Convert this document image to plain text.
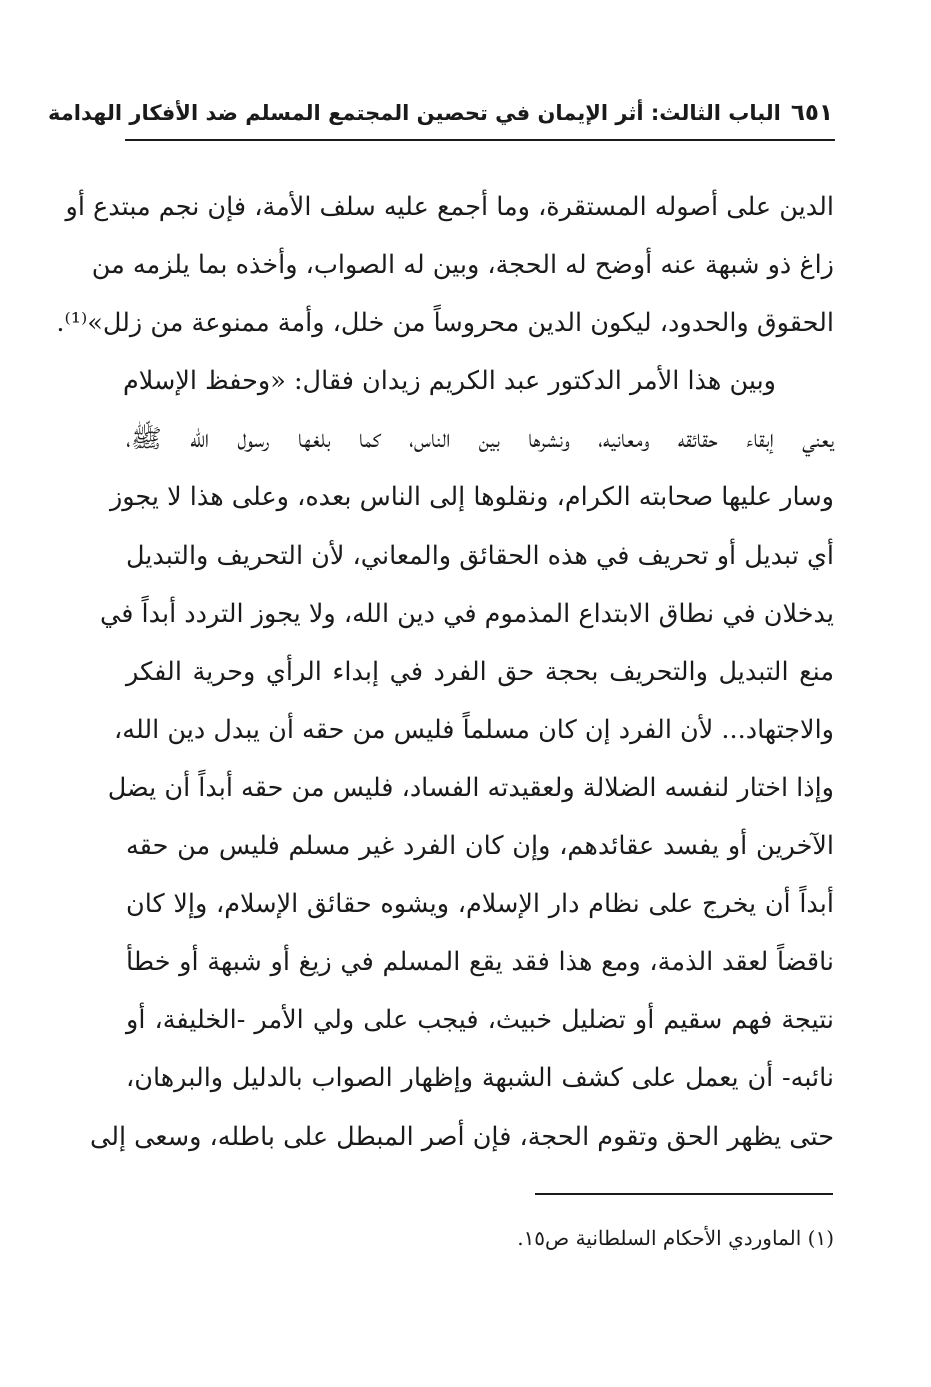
٦٥١
الباب الثالث: أثر الإيمان في تحصين المجتمع المسلم ضد الأفكار الهدامة
الدين على أصوله المستقرة، وما أجمع عليه سلف الأمة، فإن نجم مبتدع أو
زاغ ذو شبهة عنه أوضح له الحجة، وبين له الصواب، وأخذه بما يلزمه من
الحقوق والحدود، ليكون الدين محروساً من خلل، وأمة ممنوعة من زلل»⁽¹⁾.
وبين هذا الأمر الدكتور عبد الكريم زيدان فقال: «وحفظ الإسلام
يعني إبقاء حقائقه ومعانيه، ونشرها بين الناس، كما بلغها رسول الله ﷺ،
وسار عليها صحابته الكرام، ونقلوها إلى الناس بعده، وعلى هذا لا يجوز
أي تبديل أو تحريف في هذه الحقائق والمعاني، لأن التحريف والتبديل
يدخلان في نطاق الابتداع المذموم في دين الله، ولا يجوز التردد أبداً في
منع التبديل والتحريف بحجة حق الفرد في إبداء الرأي وحرية الفكر
والاجتهاد... لأن الفرد إن كان مسلماً فليس من حقه أن يبدل دين الله،
وإذا اختار لنفسه الضلالة ولعقيدته الفساد، فليس من حقه أبداً أن يضل
الآخرين أو يفسد عقائدهم، وإن كان الفرد غير مسلم فليس من حقه
أبداً أن يخرج على نظام دار الإسلام، ويشوه حقائق الإسلام، وإلا كان
ناقضاً لعقد الذمة، ومع هذا فقد يقع المسلم في زيغ أو شبهة أو خطأ
نتيجة فهم سقيم أو تضليل خبيث، فيجب على ولي الأمر -الخليفة، أو
نائبه- أن يعمل على كشف الشبهة وإظهار الصواب بالدليل والبرهان،
حتى يظهر الحق وتقوم الحجة، فإن أصر المبطل على باطله، وسعى إلى
(١) الماوردي الأحكام السلطانية ص١٥.
